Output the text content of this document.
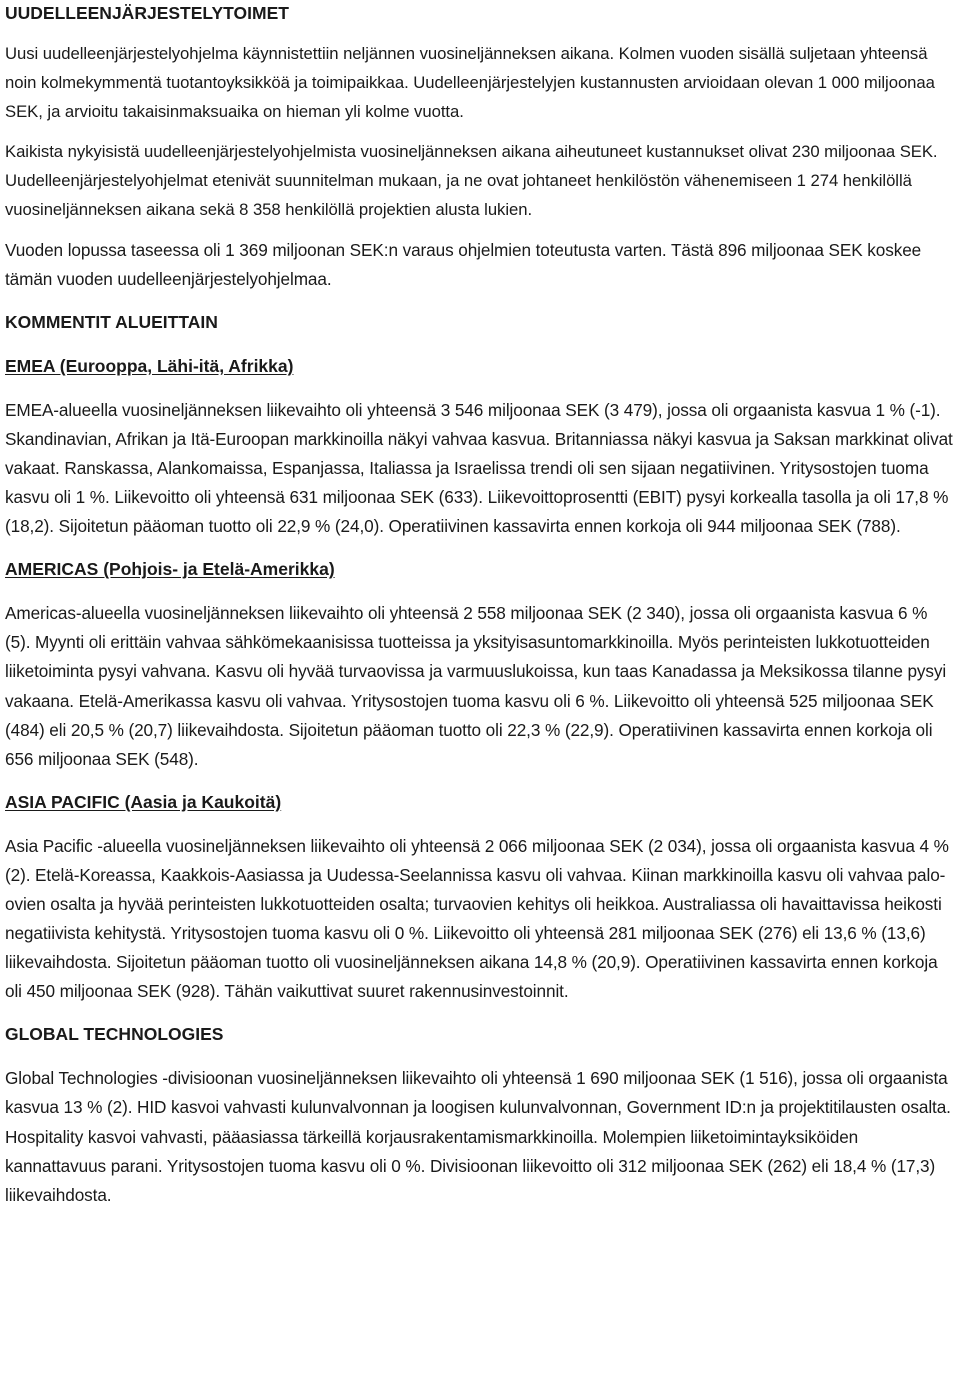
UUDELLEENJÄRJESTELYTOIMET

Uusi uudelleenjärjestelyohjelma käynnistettiin neljännen vuosineljänneksen aikana. Kolmen vuoden sisällä suljetaan yhteensä noin kolmekymmentä tuotantoyksikköä ja toimipaikkaa. Uudelleenjärjestelyjen kustannusten arvioidaan olevan 1 000 miljoonaa SEK, ja arvioitu takaisinmaksuaika on hieman yli kolme vuotta.

Kaikista nykyisistä uudelleenjärjestelyohjelmista vuosineljänneksen aikana aiheutuneet kustannukset olivat 230 miljoonaa SEK. Uudelleenjärjestelyohjelmat etenivät suunnitelman mukaan, ja ne ovat johtaneet henkilöstön vähenemiseen 1 274 henkilöllä vuosineljänneksen aikana sekä 8 358 henkilöllä projektien alusta lukien.

Vuoden lopussa taseessa oli 1 369 miljoonan SEK:n varaus ohjelmien toteutusta varten. Tästä 896 miljoonaa SEK koskee tämän vuoden uudelleenjärjestelyohjelmaa.

KOMMENTIT ALUEITTAIN
EMEA (Eurooppa, Lähi-itä, Afrikka)

EMEA-alueella vuosineljänneksen liikevaihto oli yhteensä 3 546 miljoonaa SEK (3 479), jossa oli orgaanista kasvua 1 % (-1). Skandinavian, Afrikan ja Itä-Euroopan markkinoilla näkyi vahvaa kasvua. Britanniassa näkyi kasvua ja Saksan markkinat olivat vakaat. Ranskassa, Alankomaissa, Espanjassa, Italiassa ja Israelissa trendi oli sen sijaan negatiivinen. Yritysostojen tuoma kasvu oli 1 %. Liikevoitto oli yhteensä 631 miljoonaa SEK (633). Liikevoittoprosentti (EBIT) pysyi korkealla tasolla ja oli 17,8 % (18,2). Sijoitetun pääoman tuotto oli 22,9 % (24,0). Operatiivinen kassavirta ennen korkoja oli 944 miljoonaa SEK (788).

AMERICAS (Pohjois- ja Etelä-Amerikka)

Americas-alueella vuosineljänneksen liikevaihto oli yhteensä 2 558 miljoonaa SEK (2 340), jossa oli orgaanista kasvua 6 % (5). Myynti oli erittäin vahvaa sähkömekaanisissa tuotteissa ja yksityisasuntomarkkinoilla. Myös perinteisten lukkotuotteiden liiketoiminta pysyi vahvana. Kasvu oli hyvää turvaovissa ja varmuuslukoissa, kun taas Kanadassa ja Meksikossa tilanne pysyi vakaana. Etelä-Amerikassa kasvu oli vahvaa. Yritysostojen tuoma kasvu oli 6 %. Liikevoitto oli yhteensä 525 miljoonaa SEK (484) eli 20,5 % (20,7) liikevaihdosta. Sijoitetun pääoman tuotto oli 22,3 % (22,9). Operatiivinen kassavirta ennen korkoja oli 656 miljoonaa SEK (548).

ASIA PACIFIC (Aasia ja Kaukoitä)

Asia Pacific -alueella vuosineljänneksen liikevaihto oli yhteensä 2 066 miljoonaa SEK (2 034), jossa oli orgaanista kasvua 4 % (2). Etelä-Koreassa, Kaakkois-Aasiassa ja Uudessa-Seelannissa kasvu oli vahvaa. Kiinan markkinoilla kasvu oli vahvaa palo-ovien osalta ja hyvää perinteisten lukkotuotteiden osalta; turvaovien kehitys oli heikkoa. Australiassa oli havaittavissa heikosti negatiivista kehitystä. Yritysostojen tuoma kasvu oli 0 %. Liikevoitto oli yhteensä 281 miljoonaa SEK (276) eli 13,6 % (13,6) liikevaihdosta. Sijoitetun pääoman tuotto oli vuosineljänneksen aikana 14,8 % (20,9). Operatiivinen kassavirta ennen korkoja oli 450 miljoonaa SEK (928). Tähän vaikuttivat suuret rakennusinvestoinnit.

GLOBAL TECHNOLOGIES

Global Technologies -divisioonan vuosineljänneksen liikevaihto oli yhteensä 1 690 miljoonaa SEK (1 516), jossa oli orgaanista kasvua 13 % (2). HID kasvoi vahvasti kulunvalvonnan ja loogisen kulunvalvonnan, Government ID:n ja projektitilausten osalta. Hospitality kasvoi vahvasti, pääasiassa tärkeillä korjausrakentamismarkkinoilla. Molempien liiketoimintayksiköiden kannattavuus parani. Yritysostojen tuoma kasvu oli 0 %. Divisioonan liikevoitto oli 312 miljoonaa SEK (262) eli 18,4 % (17,3) liikevaihdosta.
